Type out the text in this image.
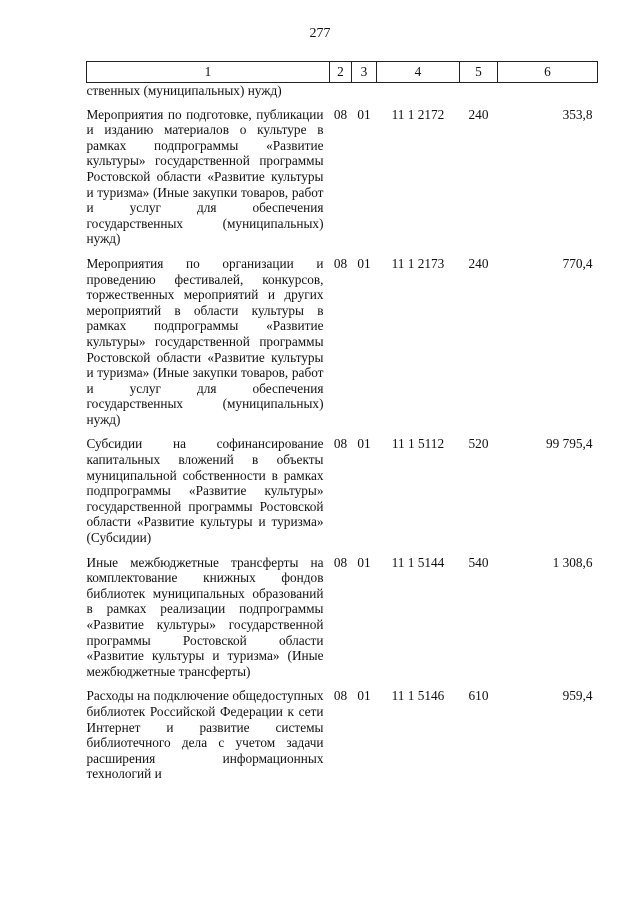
277
1	2	3	4	5	6
ственных (муниципальных) нужд)					
Мероприятия по подготовке, публикации и изданию материалов о культуре в рамках подпрограммы «Развитие культуры» государственной программы Ростовской области «Развитие культуры и туризма» (Иные закупки товаров, работ и услуг для обеспечения государственных (муниципальных) нужд)	08	01	11 1 2172	240	353,8
Мероприятия по организации и проведению фестивалей, конкурсов, торжественных мероприятий и других мероприятий в области культуры в рамках подпрограммы «Развитие культуры» государственной программы Ростовской области «Развитие культуры и туризма» (Иные закупки товаров, работ и услуг для обеспечения государственных (муниципальных) нужд)	08	01	11 1 2173	240	770,4
Субсидии на софинансирование капитальных вложений в объекты муниципальной собственности в рамках подпрограммы «Развитие культуры» государственной программы Ростовской области «Развитие культуры и туризма» (Субсидии)	08	01	11 1 5112	520	99 795,4
Иные межбюджетные трансферты на комплектование книжных фондов библиотек муниципальных образований в рамках реализации подпрограммы «Развитие культуры» государственной программы Ростовской области «Развитие культуры и туризма» (Иные межбюджетные трансферты)	08	01	11 1 5144	540	1 308,6
Расходы на подключение общедоступных библиотек Российской Федерации к сети Интернет и развитие системы библиотечного дела с учетом задачи расширения информационных технологий и	08	01	11 1 5146	610	959,4
